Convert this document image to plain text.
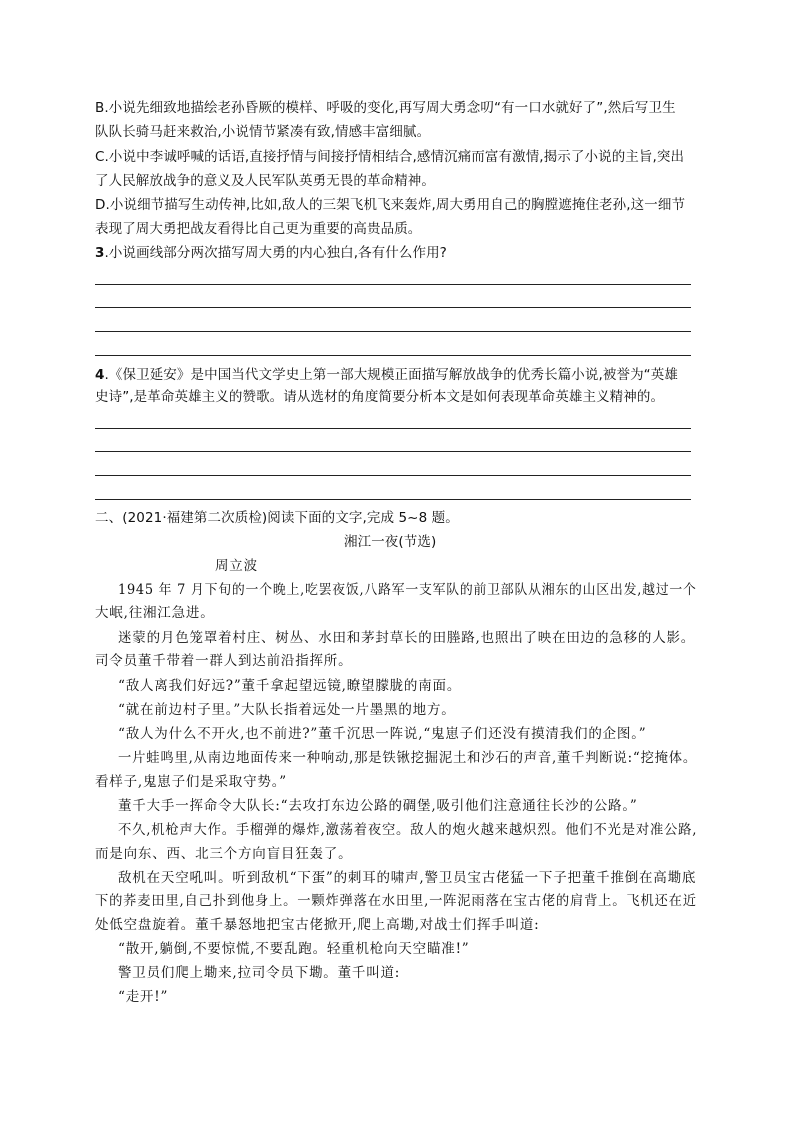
B.小说先细致地描绘老孙昏厥的模样、呼吸的变化,再写周大勇念叨“有一口水就好了”,然后写卫生
队队长骑马赶来救治,小说情节紧凑有致,情感丰富细腻。
C.小说中李诚呼喊的话语,直接抒情与间接抒情相结合,感情沉痛而富有激情,揭示了小说的主旨,突出
了人民解放战争的意义及人民军队英勇无畏的革命精神。
D.小说细节描写生动传神,比如,敌人的三架飞机飞来轰炸,周大勇用自己的胸膛遮掩住老孙,这一细节
表现了周大勇把战友看得比自己更为重要的高贵品质。
3.小说画线部分两次描写周大勇的内心独白,各有什么作用?
4.《保卫延安》是中国当代文学史上第一部大规模正面描写解放战争的优秀长篇小说,被誉为“英雄
史诗”,是革命英雄主义的赞歌。请从选材的角度简要分析本文是如何表现革命英雄主义精神的。
二、(2021·福建第二次质检)阅读下面的文字,完成 5~8 题。
湘江一夜(节选)
周立波
1945 年 7 月下旬的一个晚上,吃罢夜饭,八路军一支军队的前卫部队从湘东的山区出发,越过一个
大岷,往湘江急进。
迷蒙的月色笼罩着村庄、树丛、水田和茅封草长的田塍路,也照出了映在田边的急移的人影。
司令员董千带着一群人到达前沿指挥所。
“敌人离我们好远?”董千拿起望远镜,瞭望朦胧的南面。
“就在前边村子里。”大队长指着远处一片墨黑的地方。
“敌人为什么不开火,也不前进?”董千沉思一阵说,“鬼崽子们还没有摸清我们的企图。”
一片蛙鸣里,从南边地面传来一种响动,那是铁锹挖掘泥土和沙石的声音,董千判断说:“挖掩体。
看样子,鬼崽子们是采取守势。”
董千大手一挥命令大队长:“去攻打东边公路的碉堡,吸引他们注意通往长沙的公路。”
不久,机枪声大作。手榴弹的爆炸,激荡着夜空。敌人的炮火越来越炽烈。他们不光是对准公路,
而是向东、西、北三个方向盲目狂轰了。
敌机在天空吼叫。听到敌机“下蛋”的刺耳的啸声,警卫员宝古佬猛一下子把董千推倒在高墈底
下的荞麦田里,自己扑到他身上。一颗炸弹落在水田里,一阵泥雨落在宝古佬的肩背上。飞机还在近
处低空盘旋着。董千暴怒地把宝古佬掀开,爬上高墈,对战士们挥手叫道:
“散开,躺倒,不要惊慌,不要乱跑。轻重机枪向天空瞄准!”
警卫员们爬上墈来,拉司令员下墈。董千叫道:
“走开!”
